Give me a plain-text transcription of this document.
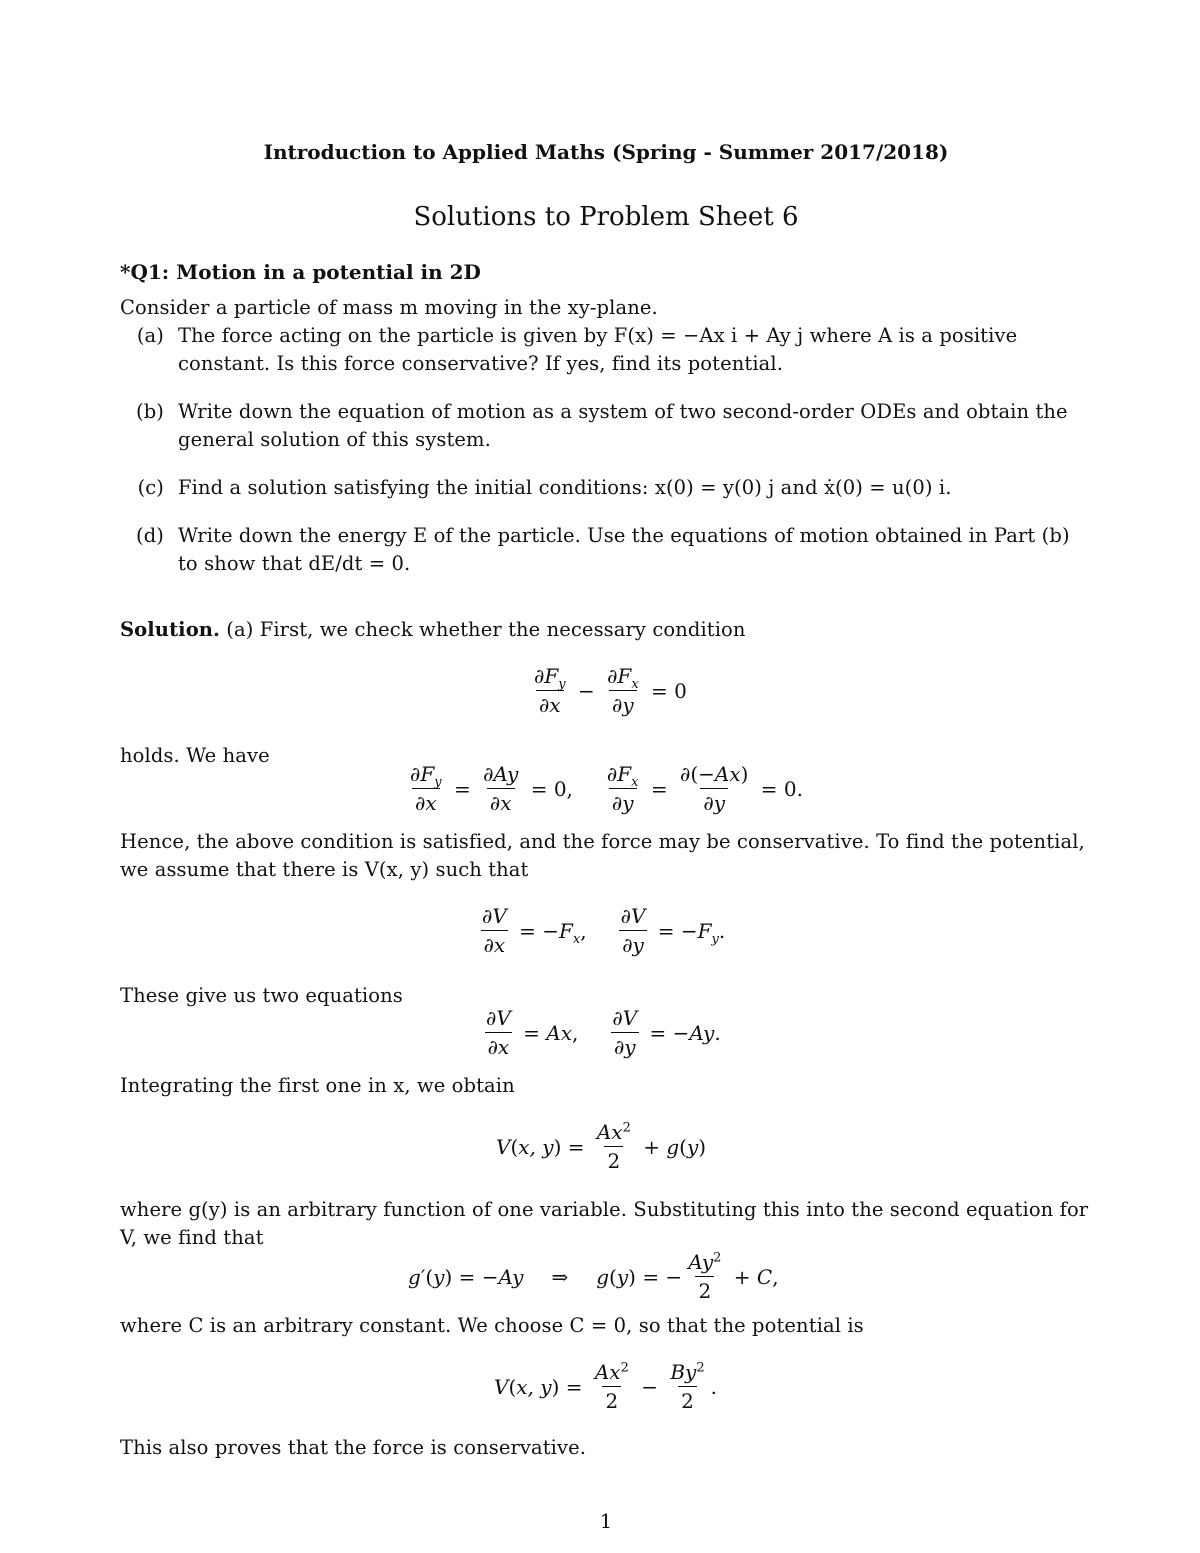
Introduction to Applied Maths (Spring - Summer 2017/2018)
Solutions to Problem Sheet 6
*Q1: Motion in a potential in 2D
Consider a particle of mass m moving in the xy-plane.
(a) The force acting on the particle is given by F(x) = −Ax i + Ay j where A is a positive
constant. Is this force conservative? If yes, find its potential.
(b) Write down the equation of motion as a system of two second-order ODEs and obtain the
general solution of this system.
(c) Find a solution satisfying the initial conditions: x(0) = y(0) j and ẋ(0) = u(0) i.
(d) Write down the energy E of the particle. Use the equations of motion obtained in Part (b)
to show that dE/dt = 0.
Solution. (a) First, we check whether the necessary condition
$\frac{\partial F_y}{\partial x} - \frac{\partial F_x}{\partial y} = 0$
holds. We have
$\frac{\partial F_y}{\partial x} = \frac{\partial Ay}{\partial x} = 0$, $\frac{\partial F_x}{\partial y} = \frac{\partial(-Ax)}{\partial y} = 0$.
Hence, the above condition is satisfied, and the force may be conservative. To find the potential,
we assume that there is V(x, y) such that
$\frac{\partial V}{\partial x} = -F_x$, $\frac{\partial V}{\partial y} = -F_y$.
These give us two equations
$\frac{\partial V}{\partial x} = Ax$, $\frac{\partial V}{\partial y} = -Ay$.
Integrating the first one in x, we obtain
V(x, $y) = \frac{Ax^2}{2} + g(y)$
where g(y) is an arbitrary function of one variable. Substituting this into the second equation for
V, we find that
g′(y) = −Ay ⇒ g(y) = − $\frac{Ay^2}{2} + C$,
where C is an arbitrary constant. We choose C = 0, so that the potential is
V(x, $y) = \frac{Ax^2}{2} - \frac{By^2}{2}$ .
This also proves that the force is conservative.
1
